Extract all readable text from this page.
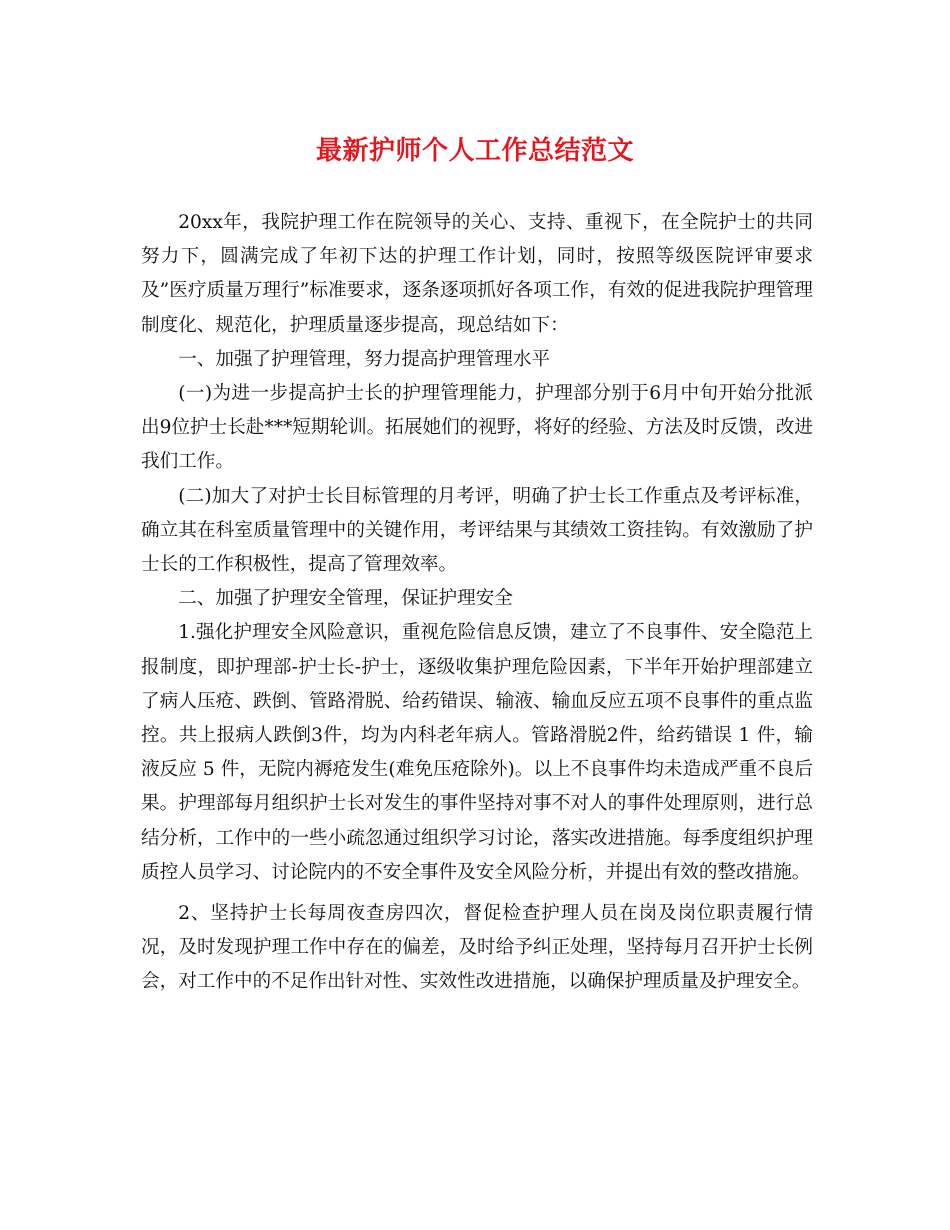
最新护师个人工作总结范文

20xx年，我院护理工作在院领导的关心、支持、重视下，在全院护士的共同努力下，圆满完成了年初下达的护理工作计划，同时，按照等级医院评审要求及”医疗质量万理行”标准要求，逐条逐项抓好各项工作，有效的促进我院护理管理制度化、规范化，护理质量逐步提高，现总结如下：

一、加强了护理管理，努力提高护理管理水平

(一)为进一步提高护士长的护理管理能力，护理部分别于6月中旬开始分批派出9位护士长赴***短期轮训。拓展她们的视野，将好的经验、方法及时反馈，改进我们工作。

(二)加大了对护士长目标管理的月考评，明确了护士长工作重点及考评标准，确立其在科室质量管理中的关键作用，考评结果与其绩效工资挂钩。有效激励了护士长的工作积极性，提高了管理效率。

二、加强了护理安全管理，保证护理安全

1.强化护理安全风险意识，重视危险信息反馈，建立了不良事件、安全隐范上报制度，即护理部-护士长-护士，逐级收集护理危险因素，下半年开始护理部建立了病人压疮、跌倒、管路滑脱、给药错误、输液、输血反应五项不良事件的重点监控。共上报病人跌倒3件，均为内科老年病人。管路滑脱2件，给药错误 1 件，输液反应 5 件，无院内褥疮发生(难免压疮除外)。以上不良事件均未造成严重不良后果。护理部每月组织护士长对发生的事件坚持对事不对人的事件处理原则，进行总结分析，工作中的一些小疏忽通过组织学习讨论，落实改进措施。每季度组织护理质控人员学习、讨论院内的不安全事件及安全风险分析，并提出有效的整改措施。

2、坚持护士长每周夜查房四次，督促检查护理人员在岗及岗位职责履行情况，及时发现护理工作中存在的偏差，及时给予纠正处理，坚持每月召开护士长例会，对工作中的不足作出针对性、实效性改进措施，以确保护理质量及护理安全。
